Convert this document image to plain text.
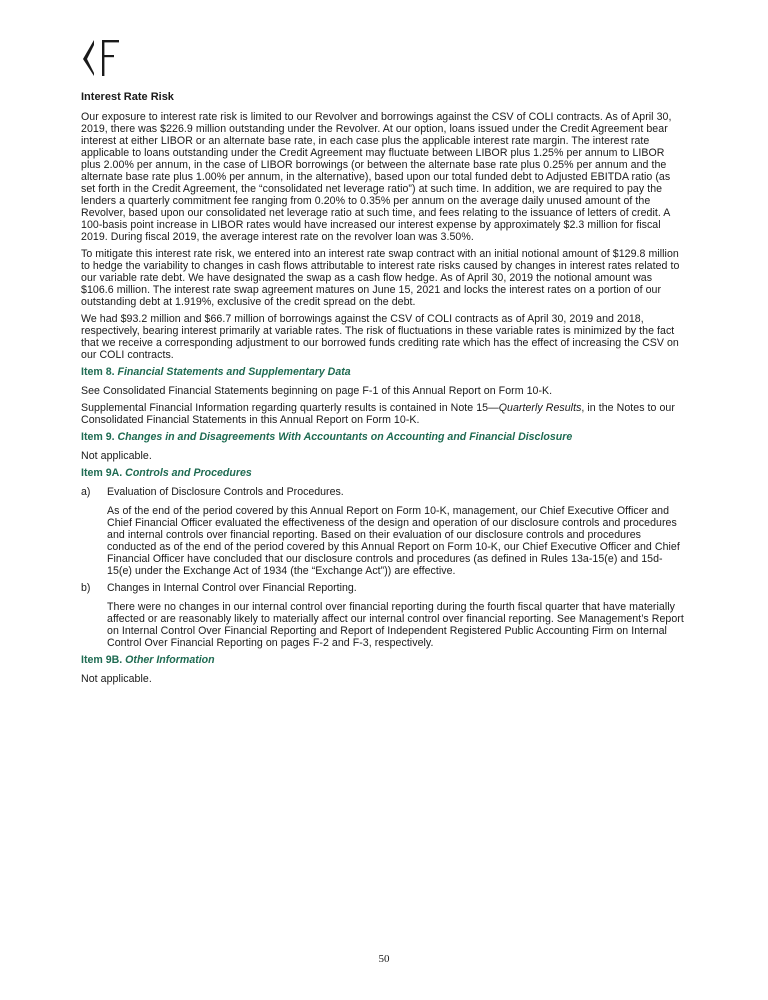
Interest Rate Risk

Our exposure to interest rate risk is limited to our Revolver and borrowings against the CSV of COLI contracts. As of April 30, 2019, there was $226.9 million outstanding under the Revolver. At our option, loans issued under the Credit Agreement bear interest at either LIBOR or an alternate base rate, in each case plus the applicable interest rate margin. The interest rate applicable to loans outstanding under the Credit Agreement may fluctuate between LIBOR plus 1.25% per annum to LIBOR plus 2.00% per annum, in the case of LIBOR borrowings (or between the alternate base rate plus 0.25% per annum and the alternate base rate plus 1.00% per annum, in the alternative), based upon our total funded debt to Adjusted EBITDA ratio (as set forth in the Credit Agreement, the “consolidated net leverage ratio”) at such time. In addition, we are required to pay the lenders a quarterly commitment fee ranging from 0.20% to 0.35% per annum on the average daily unused amount of the Revolver, based upon our consolidated net leverage ratio at such time, and fees relating to the issuance of letters of credit. A 100-basis point increase in LIBOR rates would have increased our interest expense by approximately $2.3 million for fiscal 2019. During fiscal 2019, the average interest rate on the revolver loan was 3.50%.

To mitigate this interest rate risk, we entered into an interest rate swap contract with an initial notional amount of $129.8 million to hedge the variability to changes in cash flows attributable to interest rate risks caused by changes in interest rates related to our variable rate debt. We have designated the swap as a cash flow hedge. As of April 30, 2019 the notional amount was $106.6 million. The interest rate swap agreement matures on June 15, 2021 and locks the interest rates on a portion of our outstanding debt at 1.919%, exclusive of the credit spread on the debt.

We had $93.2 million and $66.7 million of borrowings against the CSV of COLI contracts as of April 30, 2019 and 2018, respectively, bearing interest primarily at variable rates. The risk of fluctuations in these variable rates is minimized by the fact that we receive a corresponding adjustment to our borrowed funds crediting rate which has the effect of increasing the CSV on our COLI contracts.

Item 8. Financial Statements and Supplementary Data

See Consolidated Financial Statements beginning on page F-1 of this Annual Report on Form 10-K.

Supplemental Financial Information regarding quarterly results is contained in Note 15—Quarterly Results, in the Notes to our Consolidated Financial Statements in this Annual Report on Form 10-K.

Item 9. Changes in and Disagreements With Accountants on Accounting and Financial Disclosure

Not applicable.

Item 9A. Controls and Procedures
a)	Evaluation of Disclosure Controls and Procedures.

As of the end of the period covered by this Annual Report on Form 10-K, management, our Chief Executive Officer and Chief Financial Officer evaluated the effectiveness of the design and operation of our disclosure controls and procedures and internal controls over financial reporting. Based on their evaluation of our disclosure controls and procedures conducted as of the end of the period covered by this Annual Report on Form 10-K, our Chief Executive Officer and Chief Financial Officer have concluded that our disclosure controls and procedures (as defined in Rules 13a-15(e) and 15d-15(e) under the Exchange Act of 1934 (the “Exchange Act”)) are effective.

b)	Changes in Internal Control over Financial Reporting.

There were no changes in our internal control over financial reporting during the fourth fiscal quarter that have materially affected or are reasonably likely to materially affect our internal control over financial reporting. See Management’s Report on Internal Control Over Financial Reporting and Report of Independent Registered Public Accounting Firm on Internal Control Over Financial Reporting on pages F-2 and F-3, respectively.

Item 9B. Other Information

Not applicable.

50
